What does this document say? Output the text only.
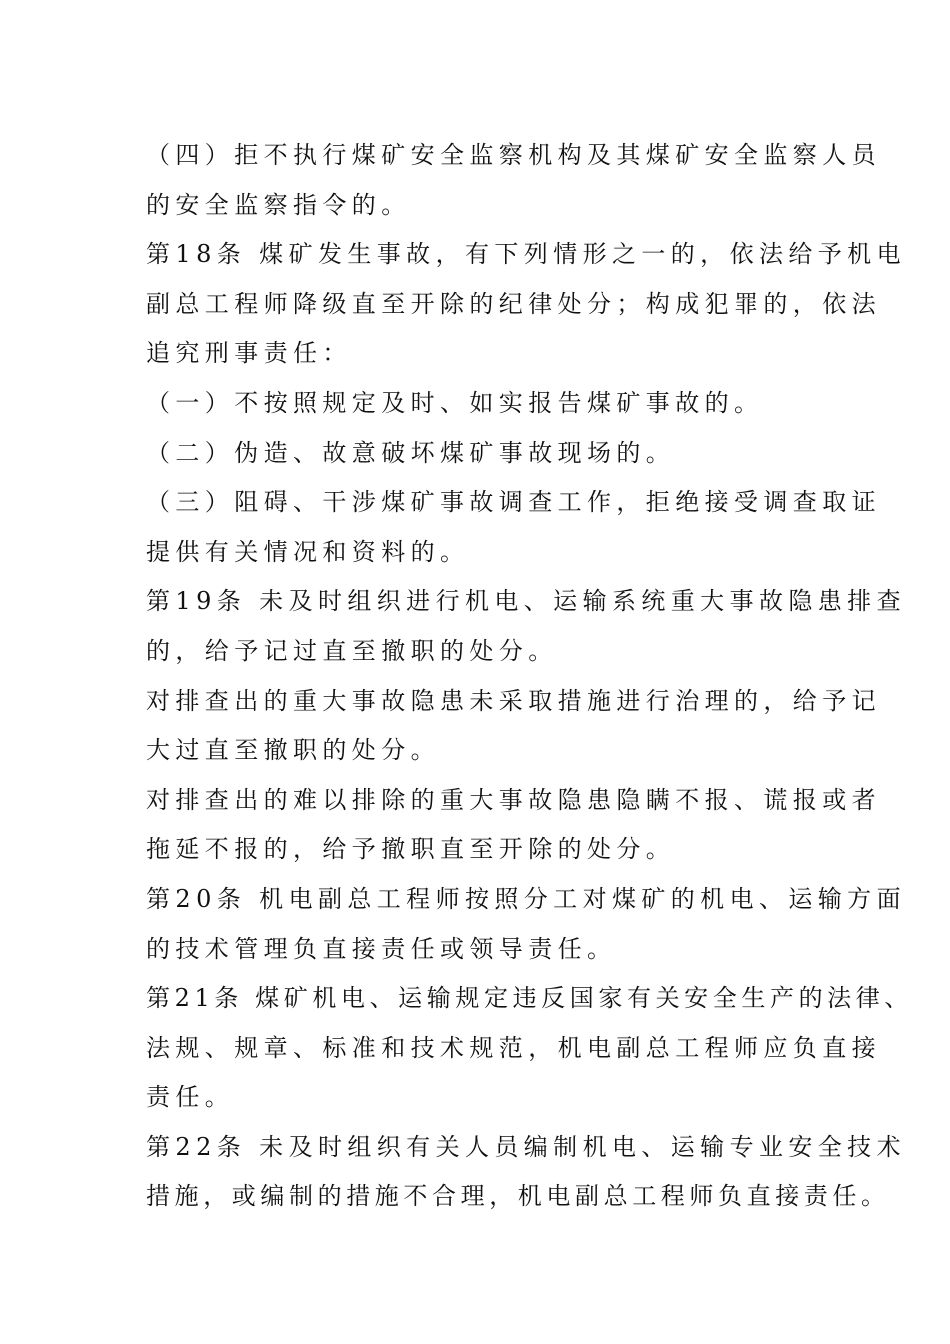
（四）拒不执行煤矿安全监察机构及其煤矿安全监察人员
的安全监察指令的。
第18条 煤矿发生事故，有下列情形之一的，依法给予机电
副总工程师降级直至开除的纪律处分；构成犯罪的，依法
追究刑事责任：
（一）不按照规定及时、如实报告煤矿事故的。
（二）伪造、故意破坏煤矿事故现场的。
（三）阻碍、干涉煤矿事故调查工作，拒绝接受调查取证
提供有关情况和资料的。
第19条 未及时组织进行机电、运输系统重大事故隐患排查
的，给予记过直至撤职的处分。
对排查出的重大事故隐患未采取措施进行治理的，给予记
大过直至撤职的处分。
对排查出的难以排除的重大事故隐患隐瞒不报、谎报或者
拖延不报的，给予撤职直至开除的处分。
第20条 机电副总工程师按照分工对煤矿的机电、运输方面
的技术管理负直接责任或领导责任。
第21条 煤矿机电、运输规定违反国家有关安全生产的法律、
法规、规章、标准和技术规范，机电副总工程师应负直接
责任。
第22条 未及时组织有关人员编制机电、运输专业安全技术
措施，或编制的措施不合理，机电副总工程师负直接责任。
